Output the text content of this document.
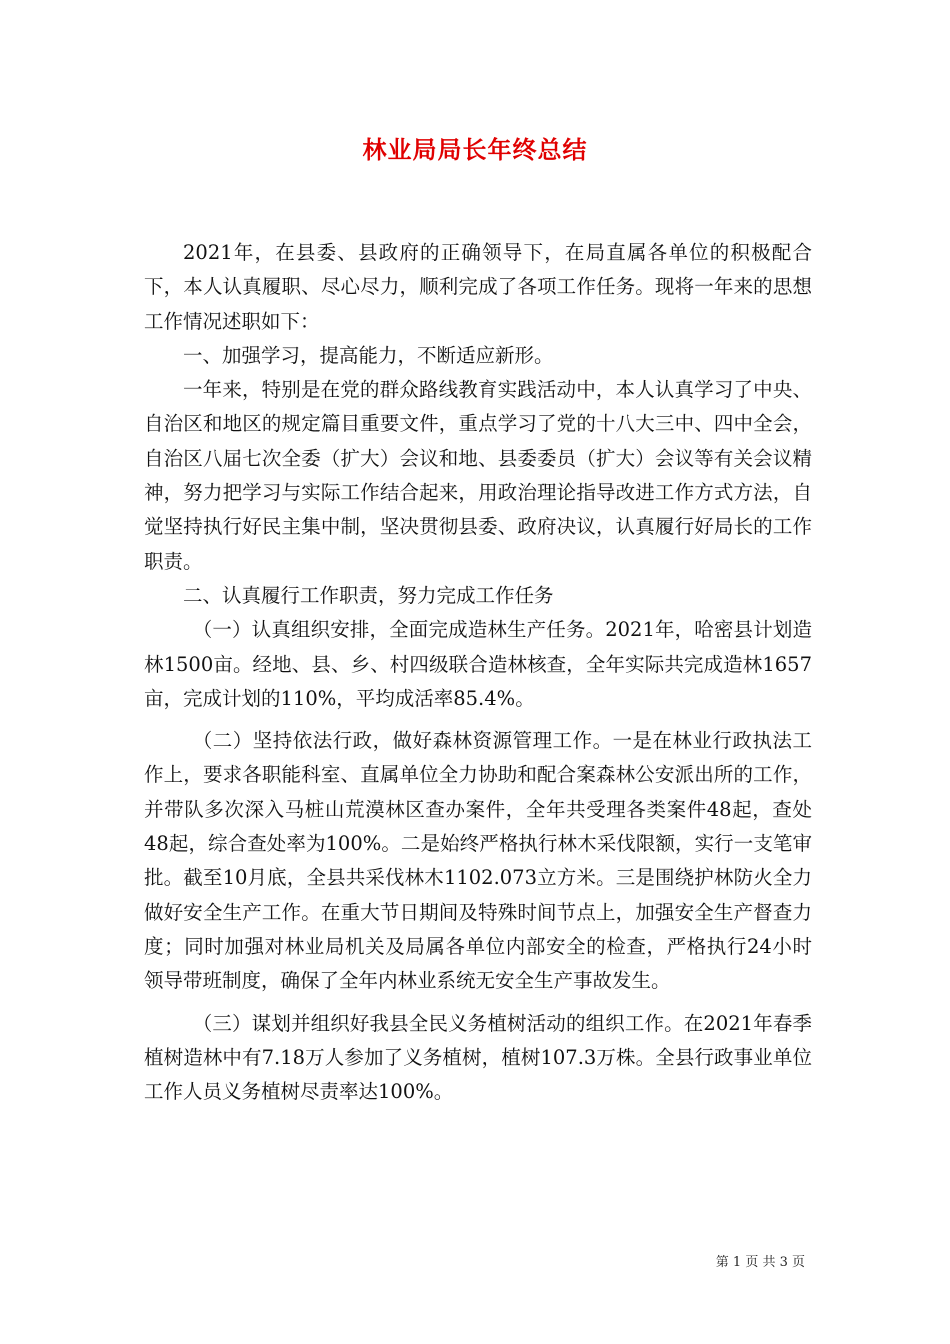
林业局局长年终总结

2021年，在县委、县政府的正确领导下，在局直属各单位的积极配合下，本人认真履职、尽心尽力，顺利完成了各项工作任务。现将一年来的思想工作情况述职如下：

一、加强学习，提高能力，不断适应新形。

一年来，特别是在党的群众路线教育实践活动中，本人认真学习了中央、自治区和地区的规定篇目重要文件，重点学习了党的十八大三中、四中全会，自治区八届七次全委（扩大）会议和地、县委委员（扩大）会议等有关会议精神，努力把学习与实际工作结合起来，用政治理论指导改进工作方式方法，自觉坚持执行好民主集中制，坚决贯彻县委、政府决议，认真履行好局长的工作职责。

二、认真履行工作职责，努力完成工作任务

（一）认真组织安排，全面完成造林生产任务。2021年，哈密县计划造林1500亩。经地、县、乡、村四级联合造林核查，全年实际共完成造林1657亩，完成计划的110%，平均成活率85.4%。

（二）坚持依法行政，做好森林资源管理工作。一是在林业行政执法工作上，要求各职能科室、直属单位全力协助和配合案森林公安派出所的工作，并带队多次深入马桩山荒漠林区查办案件，全年共受理各类案件48起，查处48起，综合查处率为100%。二是始终严格执行林木采伐限额，实行一支笔审批。截至10月底，全县共采伐林木1102.073立方米。三是围绕护林防火全力做好安全生产工作。在重大节日期间及特殊时间节点上，加强安全生产督查力度；同时加强对林业局机关及局属各单位内部安全的检查，严格执行24小时领导带班制度，确保了全年内林业系统无安全生产事故发生。

（三）谋划并组织好我县全民义务植树活动的组织工作。在2021年春季植树造林中有7.18万人参加了义务植树，植树107.3万株。全县行政事业单位工作人员义务植树尽责率达100%。

第 1 页 共 3 页
